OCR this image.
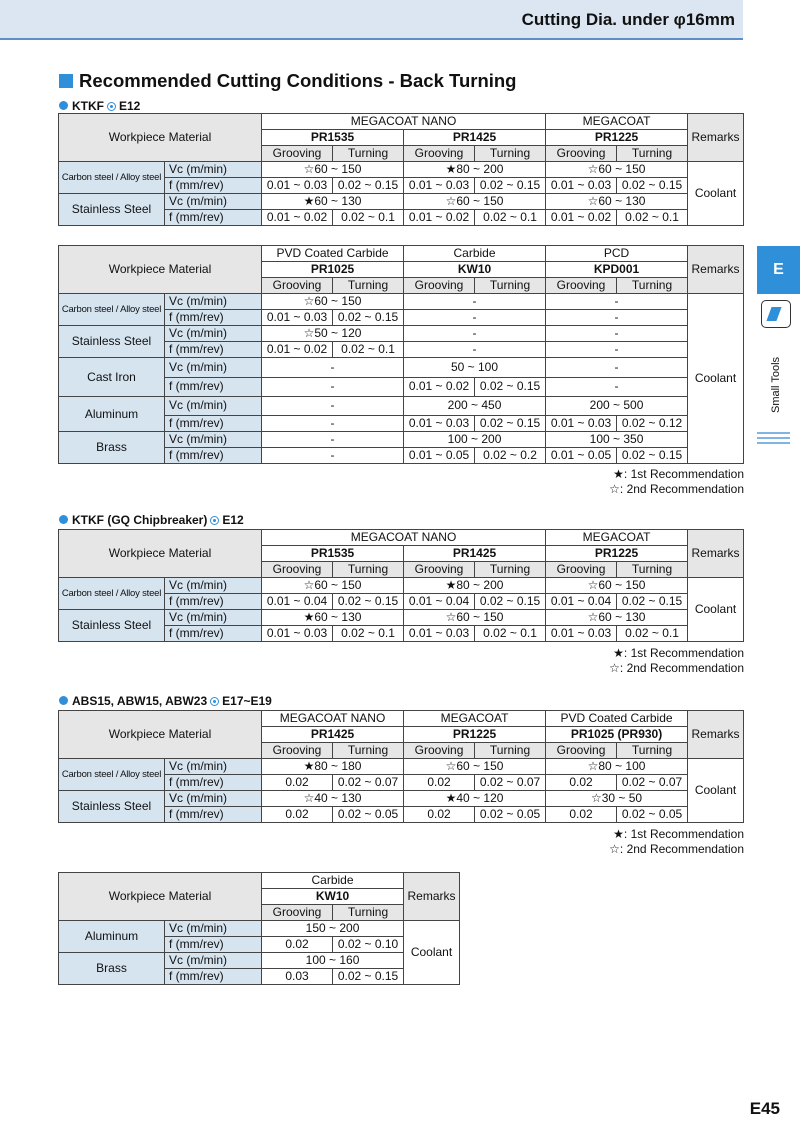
Cutting Dia. under φ16mm
Recommended Cutting Conditions - Back Turning
KTKF E12
Workpiece Material		MEGACOAT NANO				MEGACOAT		Remarks
		PR1535		PR1425		PR1225		
		Grooving	Turning	Grooving	Turning	Grooving	Turning	
Carbon steel / Alloy steel	Vc (m/min)	☆60 ~ 150		★80 ~ 200		☆60 ~ 150		Coolant
	f (mm/rev)	0.01 ~ 0.03	0.02 ~ 0.15	0.01 ~ 0.03	0.02 ~ 0.15	0.01 ~ 0.03	0.02 ~ 0.15	
Stainless Steel	Vc (m/min)	★60 ~ 130		☆60 ~ 150		☆60 ~ 130		
	f (mm/rev)	0.01 ~ 0.02	0.02 ~ 0.1	0.01 ~ 0.02	0.02 ~ 0.1	0.01 ~ 0.02	0.02 ~ 0.1	
Workpiece Material		PVD Coated Carbide		Carbide		PCD		Remarks
		PR1025		KW10		KPD001		
		Grooving	Turning	Grooving	Turning	Grooving	Turning	
Carbon steel / Alloy steel	Vc (m/min)	☆60 ~ 150		-		-		Coolant
	f (mm/rev)	0.01 ~ 0.03	0.02 ~ 0.15	-		-		
Stainless Steel	Vc (m/min)	☆50 ~ 120		-		-		
	f (mm/rev)	0.01 ~ 0.02	0.02 ~ 0.1	-		-		
Cast Iron	Vc (m/min)	-		50 ~ 100		-		
	f (mm/rev)	-		0.01 ~ 0.02	0.02 ~ 0.15	-		
Aluminum	Vc (m/min)	-		200 ~ 450		200 ~ 500		
	f (mm/rev)	-		0.01 ~ 0.03	0.02 ~ 0.15	0.01 ~ 0.03	0.02 ~ 0.12	
Brass	Vc (m/min)	-		100 ~ 200		100 ~ 350		
	f (mm/rev)	-		0.01 ~ 0.05	0.02 ~ 0.2	0.01 ~ 0.05	0.02 ~ 0.15	
★: 1st Recommendation
☆: 2nd Recommendation
KTKF (GQ Chipbreaker) E12
Workpiece Material		MEGACOAT NANO				MEGACOAT		Remarks
		PR1535		PR1425		PR1225		
		Grooving	Turning	Grooving	Turning	Grooving	Turning	
Carbon steel / Alloy steel	Vc (m/min)	☆60 ~ 150		★80 ~ 200		☆60 ~ 150		Coolant
	f (mm/rev)	0.01 ~ 0.04	0.02 ~ 0.15	0.01 ~ 0.04	0.02 ~ 0.15	0.01 ~ 0.04	0.02 ~ 0.15	
Stainless Steel	Vc (m/min)	★60 ~ 130		☆60 ~ 150		☆60 ~ 130		
	f (mm/rev)	0.01 ~ 0.03	0.02 ~ 0.1	0.01 ~ 0.03	0.02 ~ 0.1	0.01 ~ 0.03	0.02 ~ 0.1	
★: 1st Recommendation
☆: 2nd Recommendation
ABS15, ABW15, ABW23 E17~E19
Workpiece Material		MEGACOAT NANO		MEGACOAT		PVD Coated Carbide		Remarks
		PR1425		PR1225		PR1025 (PR930)		
		Grooving	Turning	Grooving	Turning	Grooving	Turning	
Carbon steel / Alloy steel	Vc (m/min)	★80 ~ 180		☆60 ~ 150		☆80 ~ 100		Coolant
	f (mm/rev)	0.02	0.02 ~ 0.07	0.02	0.02 ~ 0.07	0.02	0.02 ~ 0.07	
Stainless Steel	Vc (m/min)	☆40 ~ 130		★40 ~ 120		☆30 ~ 50		
	f (mm/rev)	0.02	0.02 ~ 0.05	0.02	0.02 ~ 0.05	0.02	0.02 ~ 0.05	
★: 1st Recommendation
☆: 2nd Recommendation
Workpiece Material		Carbide		Remarks
		KW10		
		Grooving	Turning	
Aluminum	Vc (m/min)	150 ~ 200		Coolant
	f (mm/rev)	0.02	0.02 ~ 0.10	
Brass	Vc (m/min)	100 ~ 160		
	f (mm/rev)	0.03	0.02 ~ 0.15	
E
Small Tools
E45
